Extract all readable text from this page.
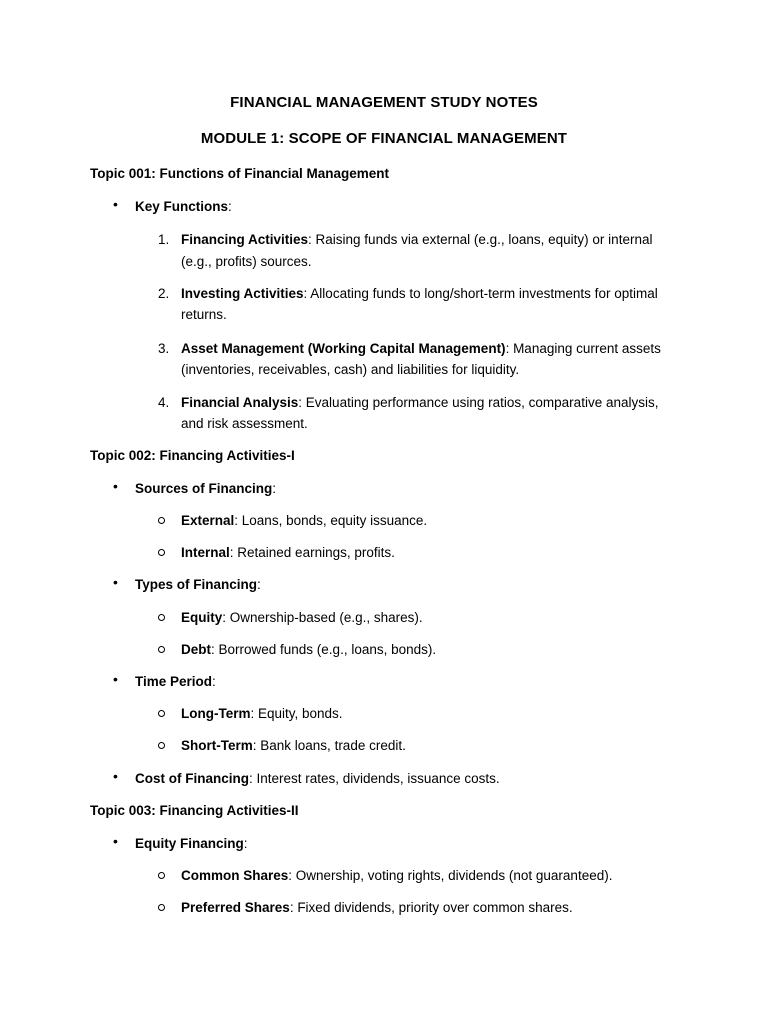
FINANCIAL MANAGEMENT STUDY NOTES
MODULE 1: SCOPE OF FINANCIAL MANAGEMENT
Topic 001: Functions of Financial Management
• Key Functions:
1. Financing Activities: Raising funds via external (e.g., loans, equity) or internal
(e.g., profits) sources.
2. Investing Activities: Allocating funds to long/short-term investments for optimal
returns.
3. Asset Management (Working Capital Management): Managing current assets
(inventories, receivables, cash) and liabilities for liquidity.
4. Financial Analysis: Evaluating performance using ratios, comparative analysis,
and risk assessment.
Topic 002: Financing Activities-I
• Sources of Financing:
External: Loans, bonds, equity issuance.
Internal: Retained earnings, profits.
• Types of Financing:
Equity: Ownership-based (e.g., shares).
Debt: Borrowed funds (e.g., loans, bonds).
• Time Period:
Long-Term: Equity, bonds.
Short-Term: Bank loans, trade credit.
• Cost of Financing: Interest rates, dividends, issuance costs.
Topic 003: Financing Activities-II
• Equity Financing:
Common Shares: Ownership, voting rights, dividends (not guaranteed).
Preferred Shares: Fixed dividends, priority over common shares.
